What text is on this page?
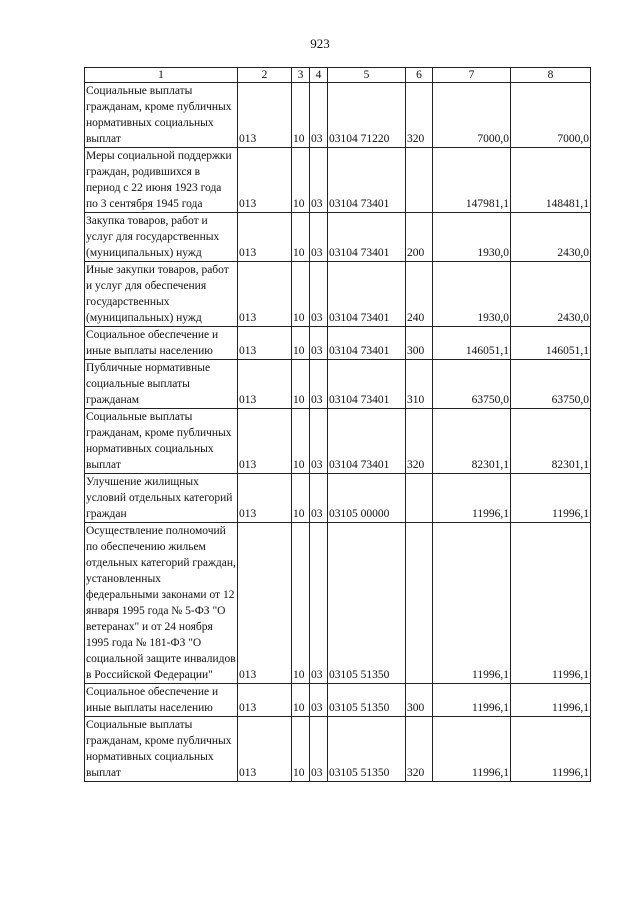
923
1	2	3	4	5	6	7	8
Социальные выплаты гражданам, кроме публичных нормативных социальных выплат	013	10	03	03104 71220	320	7000,0	7000,0
Меры социальной поддержки граждан, родившихся в период с 22 июня 1923 года по 3 сентября 1945 года	013	10	03	03104 73401		147981,1	148481,1
Закупка товаров, работ и услуг для государственных (муниципальных) нужд	013	10	03	03104 73401	200	1930,0	2430,0
Иные закупки товаров, работ и услуг для обеспечения государственных (муниципальных) нужд	013	10	03	03104 73401	240	1930,0	2430,0
Социальное обеспечение и иные выплаты населению	013	10	03	03104 73401	300	146051,1	146051,1
Публичные нормативные социальные выплаты гражданам	013	10	03	03104 73401	310	63750,0	63750,0
Социальные выплаты гражданам, кроме публичных нормативных социальных выплат	013	10	03	03104 73401	320	82301,1	82301,1
Улучшение жилищных условий отдельных категорий граждан	013	10	03	03105 00000		11996,1	11996,1
Осуществление полномочий по обеспечению жильем отдельных категорий граждан, установленных федеральными законами от 12 января 1995 года № 5-ФЗ "О ветеранах" и от 24 ноября 1995 года № 181-ФЗ "О социальной защите инвалидов в Российской Федерации"	013	10	03	03105 51350		11996,1	11996,1
Социальное обеспечение и иные выплаты населению	013	10	03	03105 51350	300	11996,1	11996,1
Социальные выплаты гражданам, кроме публичных нормативных социальных выплат	013	10	03	03105 51350	320	11996,1	11996,1
